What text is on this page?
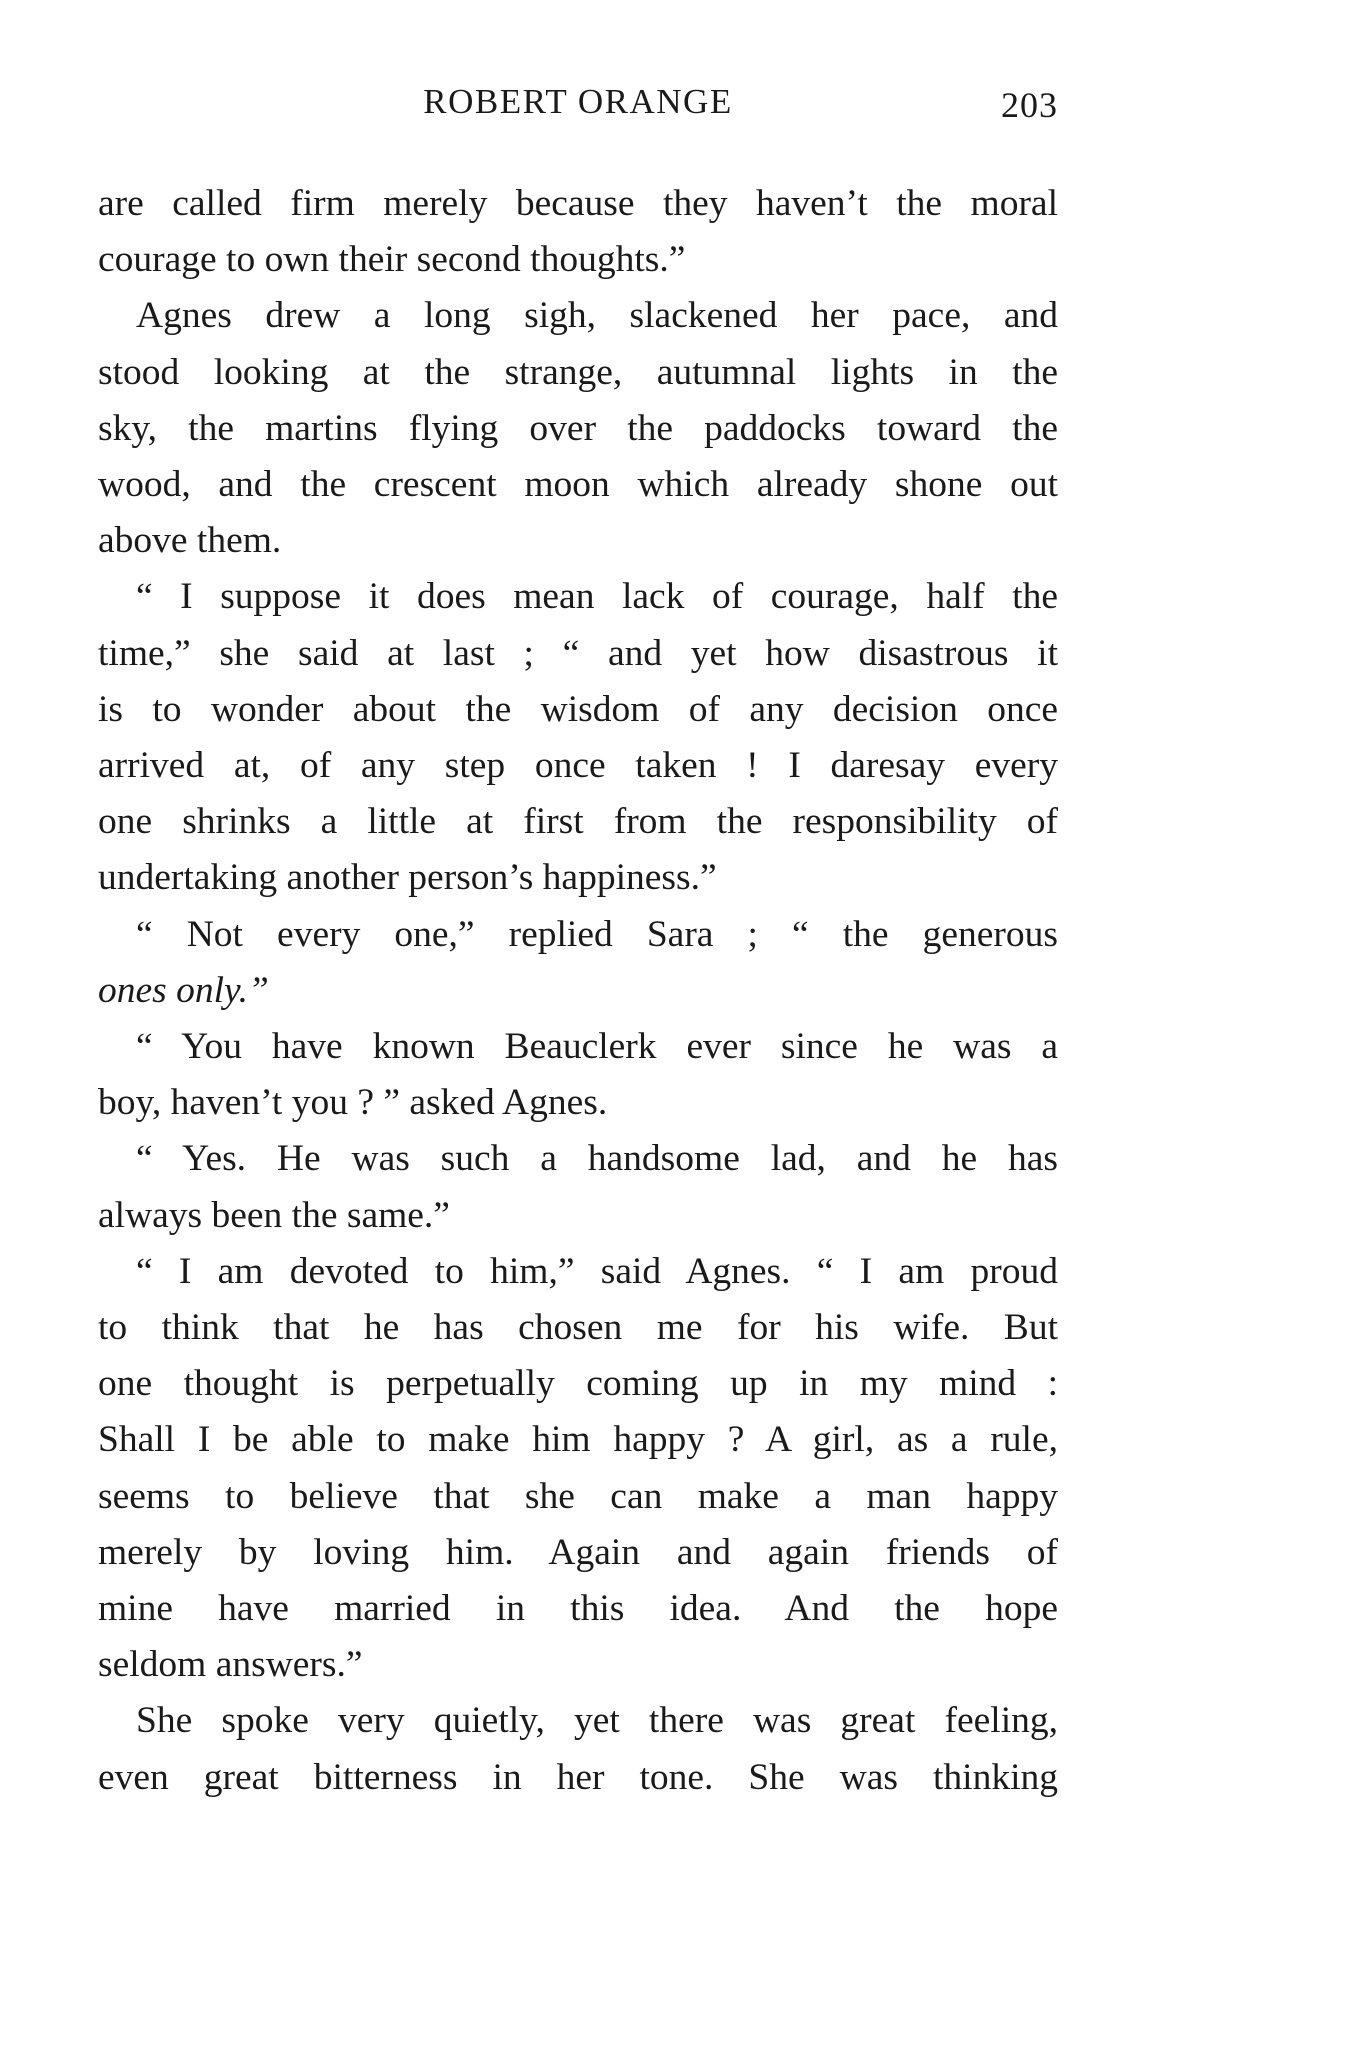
ROBERT ORANGE	203

are called firm merely because they haven’t the moral
courage to own their second thoughts.”

Agnes drew a long sigh, slackened her pace, and
stood looking at the strange, autumnal lights in the
sky, the martins flying over the paddocks toward the
wood, and the crescent moon which already shone out
above them.

“ I suppose it does mean lack of courage, half the
time,” she said at last ; “ and yet how disastrous it
is to wonder about the wisdom of any decision once
arrived at, of any step once taken ! I daresay every
one shrinks a little at first from the responsibility of
undertaking another person’s happiness.”

“ Not every one,” replied Sara ; “ the generous
ones only.”

“ You have known Beauclerk ever since he was a
boy, haven’t you ? ” asked Agnes.

“ Yes. He was such a handsome lad, and he has
always been the same.”

“ I am devoted to him,” said Agnes. “ I am proud
to think that he has chosen me for his wife. But
one thought is perpetually coming up in my mind :
Shall I be able to make him happy ? A girl, as a rule,
seems to believe that she can make a man happy
merely by loving him. Again and again friends of
mine have married in this idea. And the hope
seldom answers.”

She spoke very quietly, yet there was great feeling,
even great bitterness in her tone. She was thinking
